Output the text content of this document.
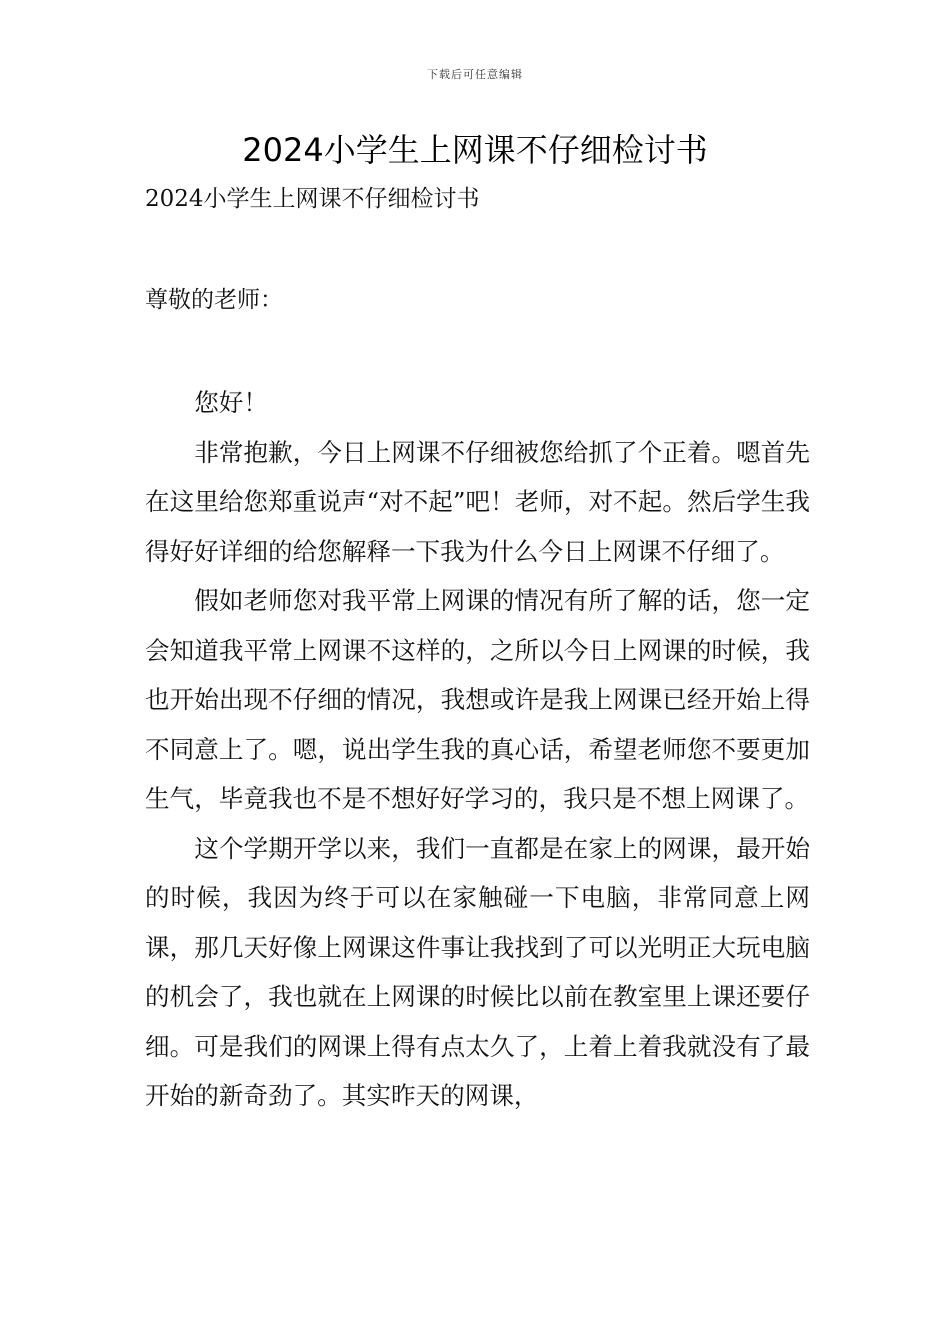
下载后可任意编辑
2024小学生上网课不仔细检讨书
2024小学生上网课不仔细检讨书
尊敬的老师：

您好！

非常抱歉，今日上网课不仔细被您给抓了个正着。嗯首先在这里给您郑重说声“对不起”吧！老师，对不起。然后学生我得好好详细的给您解释一下我为什么今日上网课不仔细了。

假如老师您对我平常上网课的情况有所了解的话，您一定会知道我平常上网课不这样的，之所以今日上网课的时候，我也开始出现不仔细的情况，我想或许是我上网课已经开始上得不同意上了。嗯，说出学生我的真心话，希望老师您不要更加生气，毕竟我也不是不想好好学习的，我只是不想上网课了。

这个学期开学以来，我们一直都是在家上的网课，最开始的时候，我因为终于可以在家触碰一下电脑，非常同意上网课，那几天好像上网课这件事让我找到了可以光明正大玩电脑的机会了，我也就在上网课的时候比以前在教室里上课还要仔细。可是我们的网课上得有点太久了，上着上着我就没有了最开始的新奇劲了。其实昨天的网课，
